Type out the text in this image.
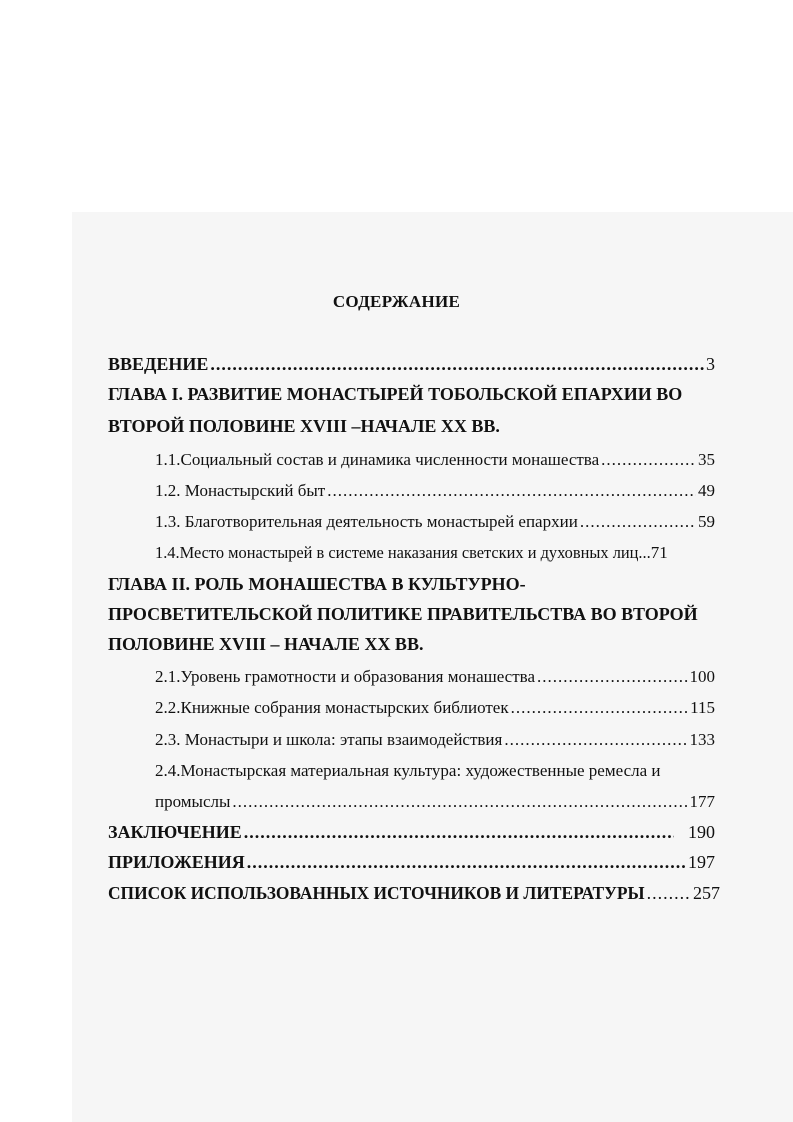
СОДЕРЖАНИЕ
ВВЕДЕНИЕ .....	3
ГЛАВА I. РАЗВИТИЕ МОНАСТЫРЕЙ ТОБОЛЬСКОЙ ЕПАРХИИ ВО
ВТОРОЙ ПОЛОВИНЕ XVIII –НАЧАЛЕ ХХ ВВ.
1.1.Социальный состав и динамика численности монашества .....	35
1.2. Монастырский быт .....	49
1.3. Благотворительная деятельность монастырей епархии .....	59
1.4.Место монастырей в системе наказания светских и духовных лиц... 71
ГЛАВА II. РОЛЬ МОНАШЕСТВА В КУЛЬТУРНО-
ПРОСВЕТИТЕЛЬСКОЙ ПОЛИТИКЕ ПРАВИТЕЛЬСТВА ВО ВТОРОЙ
ПОЛОВИНЕ XVIII – НАЧАЛЕ ХХ ВВ.
2.1.Уровень грамотности и образования монашества .....	100
2.2.Книжные собрания монастырских библиотек .....	115
2.3. Монастыри и школа: этапы взаимодействия .....	133
2.4.Монастырская материальная культура: художественные ремесла и
промыслы .....	177
ЗАКЛЮЧЕНИЕ .....	190
ПРИЛОЖЕНИЯ .....	197
СПИСОК ИСПОЛЬЗОВАННЫХ ИСТОЧНИКОВ И ЛИТЕРАТУРЫ .....	257
